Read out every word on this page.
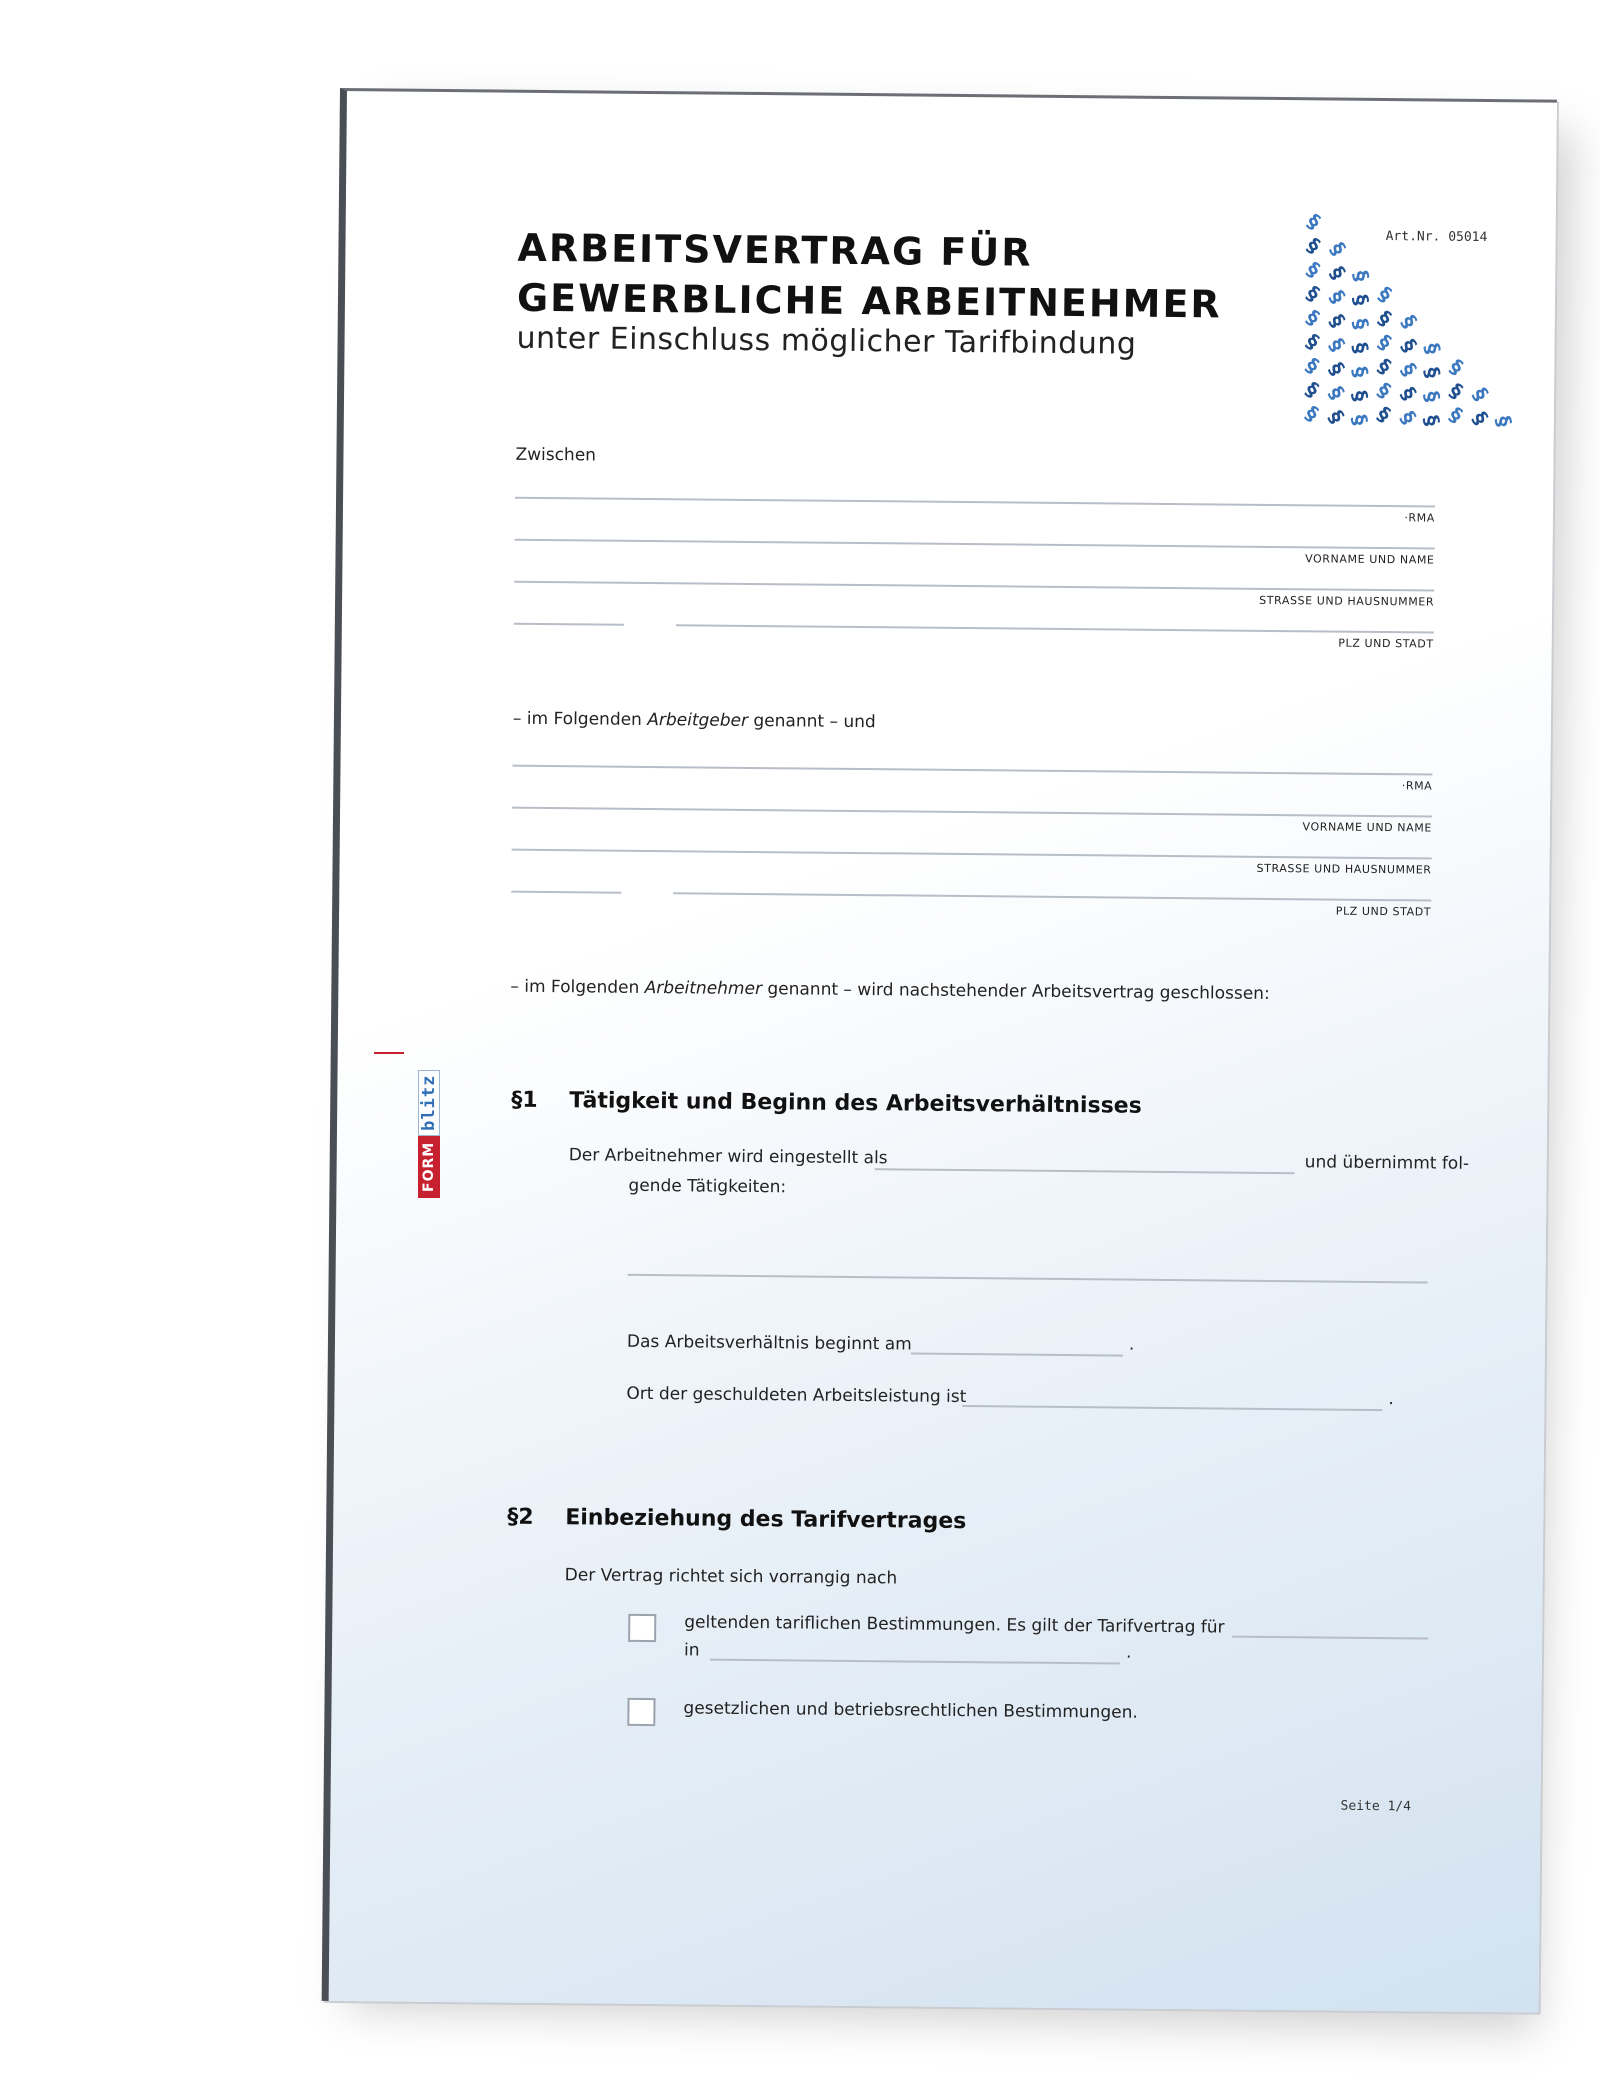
ARBEITSVERTRAG FÜR
GEWERBLICHE ARBEITNEHMER
unter Einschluss möglicher Tarifbindung
Art.Nr. 05014
§
§ §
§ §
§
§ §
§ §
§ §
§ § §
§ §
§ § §
§
§ §
§ § §
§ §
§ §
§ § §
§ § §
§ §
§ § §
§ § §
§
Zwischen
·RMA
VORNAME UND NAME
STRASSE UND HAUSNUMMER
PLZ UND STADT
– im Folgenden Arbeitgeber genannt – und
·RMA
VORNAME UND NAME
STRASSE UND HAUSNUMMER
PLZ UND STADT
– im Folgenden Arbeitnehmer genannt – wird nachstehender Arbeitsvertrag geschlossen:
§1 Tätigkeit und Beginn des Arbeitsverhältnisses
Der Arbeitnehmer wird eingestellt als	und übernimmt fol-
gende Tätigkeiten:
Das Arbeitsverhältnis beginnt am	.
Ort der geschuldeten Arbeitsleistung ist	.
§2 Einbeziehung des Tarifvertrages
Der Vertrag richtet sich vorrangig nach
geltenden tariflichen Bestimmungen. Es gilt der Tarifvertrag für
in	.
gesetzlichen und betriebsrechtlichen Bestimmungen.
Seite 1/4
FORM
blitz
